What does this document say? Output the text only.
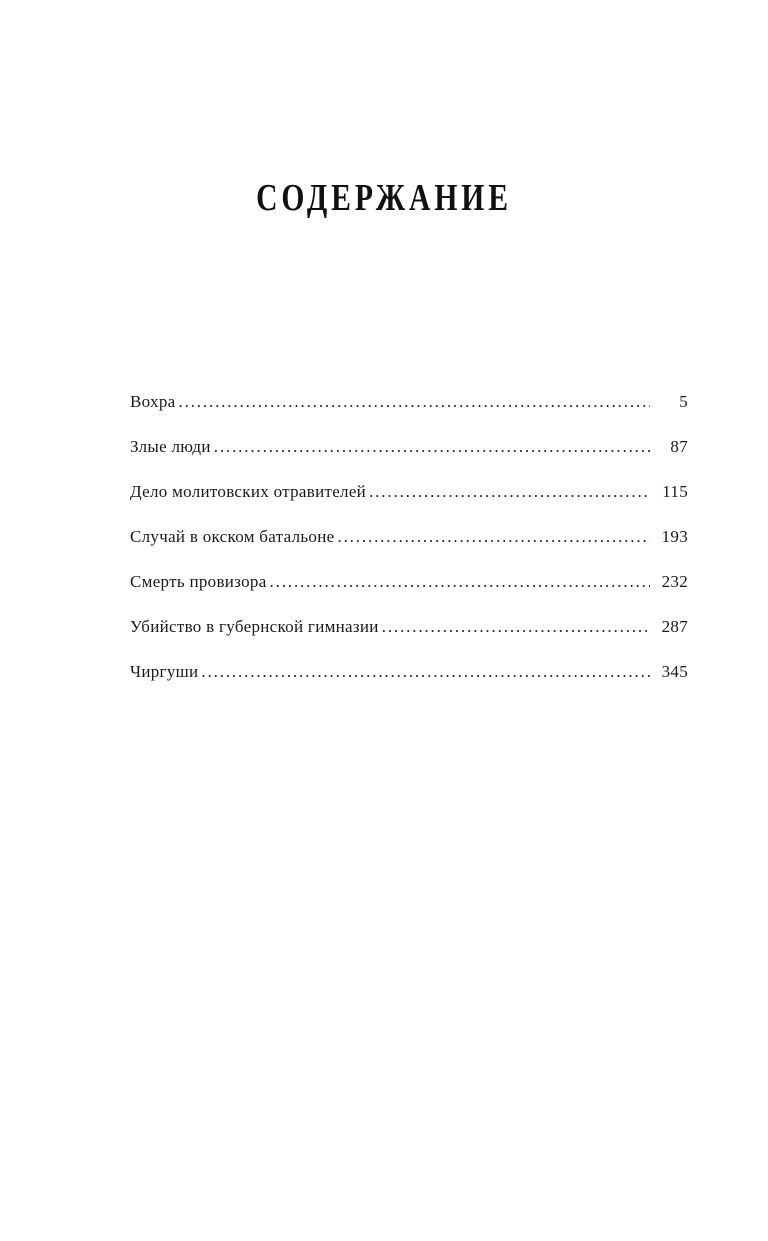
СОДЕРЖАНИЕ
Вохра . . .	5
Злые люди . . .	87
Дело молитовских отравителей . . .	115
Случай в окском батальоне . . .	193
Смерть провизора . . .	232
Убийство в губернской гимназии . . .	287
Чиргуши . . .	345
